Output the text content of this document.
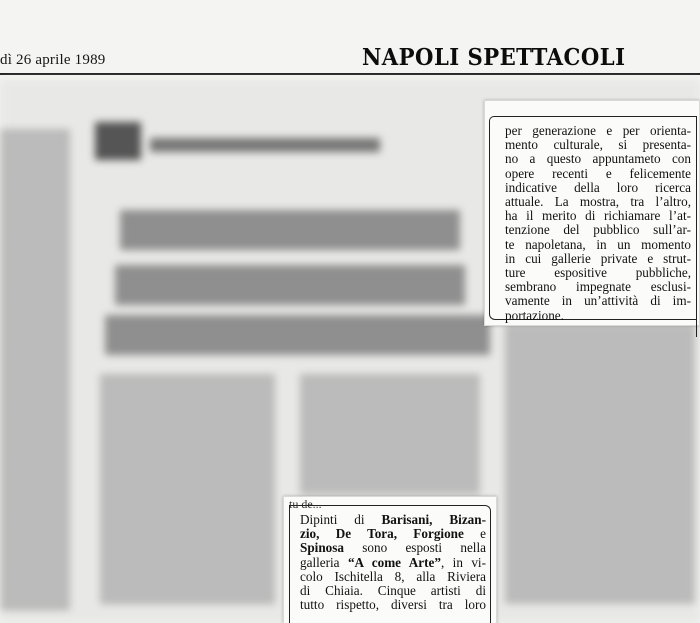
dì 26 aprile 1989	NAPOLI SPETTACOLI
per generazione e per orienta-
mento culturale, si presenta-
no a questo appuntameto con
opere recenti e felicemente
indicative della loro ricerca
attuale. La mostra, tra l’altro,
ha il merito di richiamare l’at-
tenzione del pubblico sull’ar-
te napoletana, in un momento
in cui gallerie private e strut-
ture espositive pubbliche,
sembrano impegnate esclusi-
vamente in un’attività di im-
portazione.
tu de...
Dipinti di Barisani, Bizan-
zio, De Tora, Forgione e
Spinosa sono esposti nella
galleria “A come Arte”, in vi-
colo Ischitella 8, alla Riviera
di Chiaia. Cinque artisti di
tutto rispetto, diversi tra loro
